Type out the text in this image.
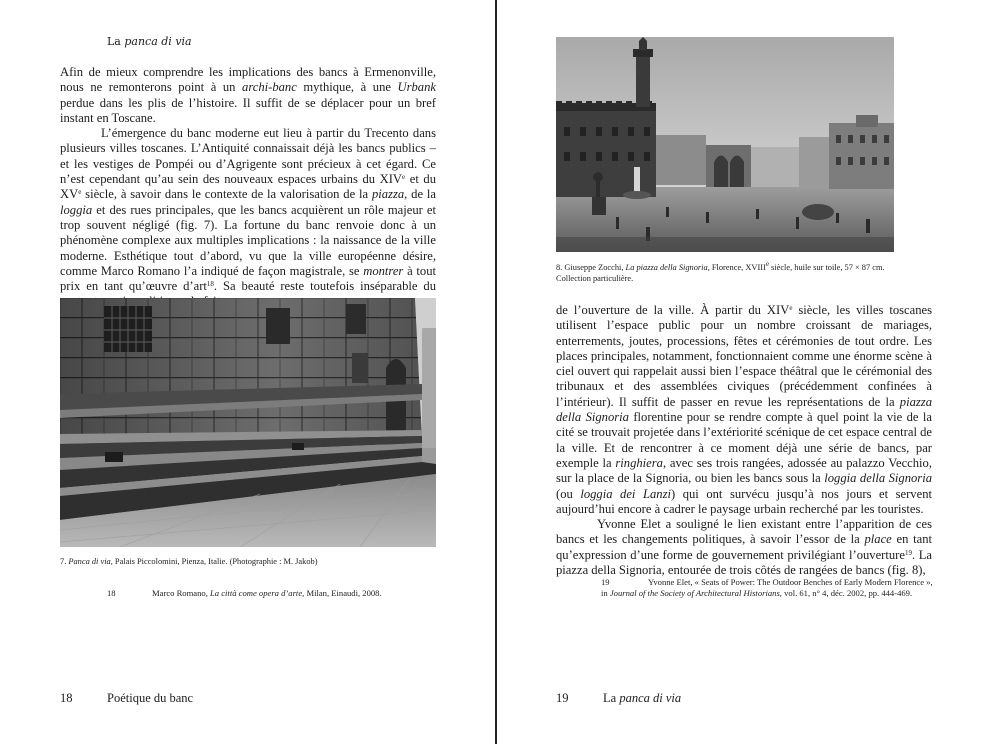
La panca di via

Afin de mieux comprendre les implications des bancs à Ermenonville, nous ne remonterons point à un archi-banc mythique, à une Urbank perdue dans les plis de l’histoire. Il suffit de se déplacer pour un bref instant en Toscane.

L’émergence du banc moderne eut lieu à partir du Trecento dans plusieurs villes toscanes. L’Antiquité connaissait déjà les bancs publics – et les vestiges de Pompéi ou d’Agrigente sont précieux à cet égard. Ce n’est cependant qu’au sein des nouveaux espaces urbains du XIVe et du XVe siècle, à savoir dans le contexte de la valorisation de la piazza, de la loggia et des rues principales, que les bancs acquièrent un rôle majeur et trop souvent négligé (fig. 7). La fortune du banc renvoie donc à un phénomène complexe aux multiples implications : la naissance de la ville moderne. Esthétique tout d’abord, vu que la ville européenne désire, comme Marco Romano l’a indiqué de façon magistrale, se montrer à tout prix en tant qu’œuvre d’art$^{18}$. Sa beauté reste toutefois inséparable du

7. Panca di via, Palais Piccolomini, Pienza, Italie. (Photographie : M. Jakob)
18	Marco Romano, La città come opera d’arte, Milan, Einaudi, 2008.
18	Poétique du banc
8. Giuseppe Zocchi, La piazza della Signoria, Florence, XVIIIe siècle, huile sur toile, 57 × 87 cm. Collection particulière.

de l’ouverture de la ville. À partir du XIVe siècle, les villes toscanes utilisent l’espace public pour un nombre croissant de mariages, enterrements, joutes, processions, fêtes et cérémonies de tout ordre. Les places principales, notamment, fonctionnaient comme une énorme scène à ciel ouvert qui rappelait aussi bien l’espace théâtral que le cérémonial des tribunaux et des assemblées civiques (précédemment confinées à l’intérieur). Il suffit de passer en revue les représentations de la piazza della Signoria florentine pour se rendre compte à quel point la vie de la cité se trouvait projetée dans l’extériorité scénique de cet espace central de la ville. Et de rencontrer à ce moment déjà une série de bancs, par exemple la ringhiera, avec ses trois rangées, adossée au palazzo Vecchio, sur la place de la Signoria, ou bien les bancs sous la loggia della Signoria (ou loggia dei Lanzi) qui ont survécu jusqu’à nos jours et servent aujourd’hui encore à cadrer le paysage urbain recherché par les touristes.

Yvonne Elet a souligné le lien existant entre l’apparition de ces bancs et les changements politiques, à savoir l’essor de la place en tant qu’expression d’une forme de gouvernement privilégiant l’ouverture$^{19}$. La piazza della Signoria, entourée de trois côtés de rangées de bancs (fig. 8),

19	Yvonne Elet, « Seats of Power: The Outdoor Benches of Early Modern Florence », in Journal of the Society of Architectural Historians, vol. 61, n° 4, déc. 2002, pp. 444-469.
19	La panca di via
